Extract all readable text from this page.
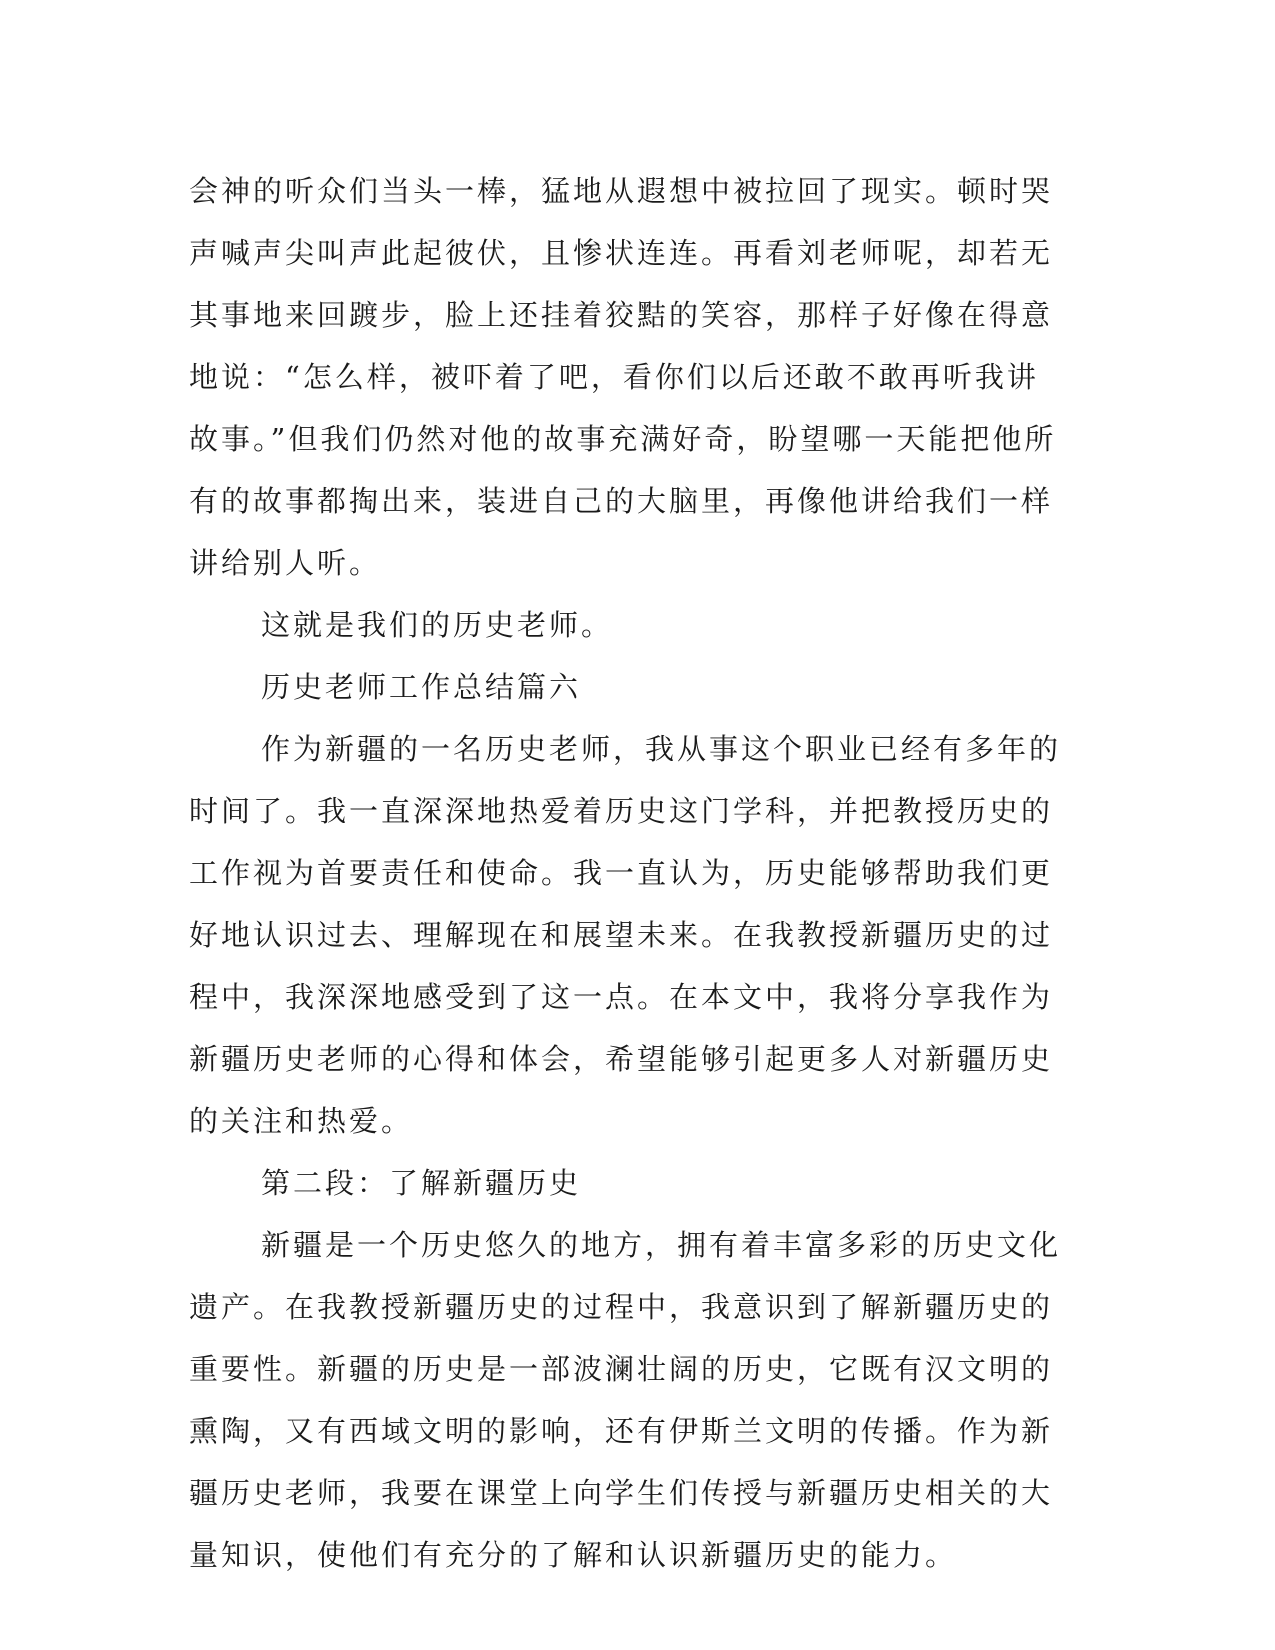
会神的听众们当头一棒，猛地从遐想中被拉回了现实。顿时哭声喊声尖叫声此起彼伏，且惨状连连。再看刘老师呢，却若无其事地来回踱步，脸上还挂着狡黠的笑容，那样子好像在得意地说：“怎么样，被吓着了吧，看你们以后还敢不敢再听我讲故事。”但我们仍然对他的故事充满好奇，盼望哪一天能把他所有的故事都掏出来，装进自己的大脑里，再像他讲给我们一样讲给别人听。

这就是我们的历史老师。

历史老师工作总结篇六

作为新疆的一名历史老师，我从事这个职业已经有多年的时间了。我一直深深地热爱着历史这门学科，并把教授历史的工作视为首要责任和使命。我一直认为，历史能够帮助我们更好地认识过去、理解现在和展望未来。在我教授新疆历史的过程中，我深深地感受到了这一点。在本文中，我将分享我作为新疆历史老师的心得和体会，希望能够引起更多人对新疆历史的关注和热爱。

第二段：了解新疆历史

新疆是一个历史悠久的地方，拥有着丰富多彩的历史文化遗产。在我教授新疆历史的过程中，我意识到了解新疆历史的重要性。新疆的历史是一部波澜壮阔的历史，它既有汉文明的熏陶，又有西域文明的影响，还有伊斯兰文明的传播。作为新疆历史老师，我要在课堂上向学生们传授与新疆历史相关的大量知识，使他们有充分的了解和认识新疆历史的能力。
